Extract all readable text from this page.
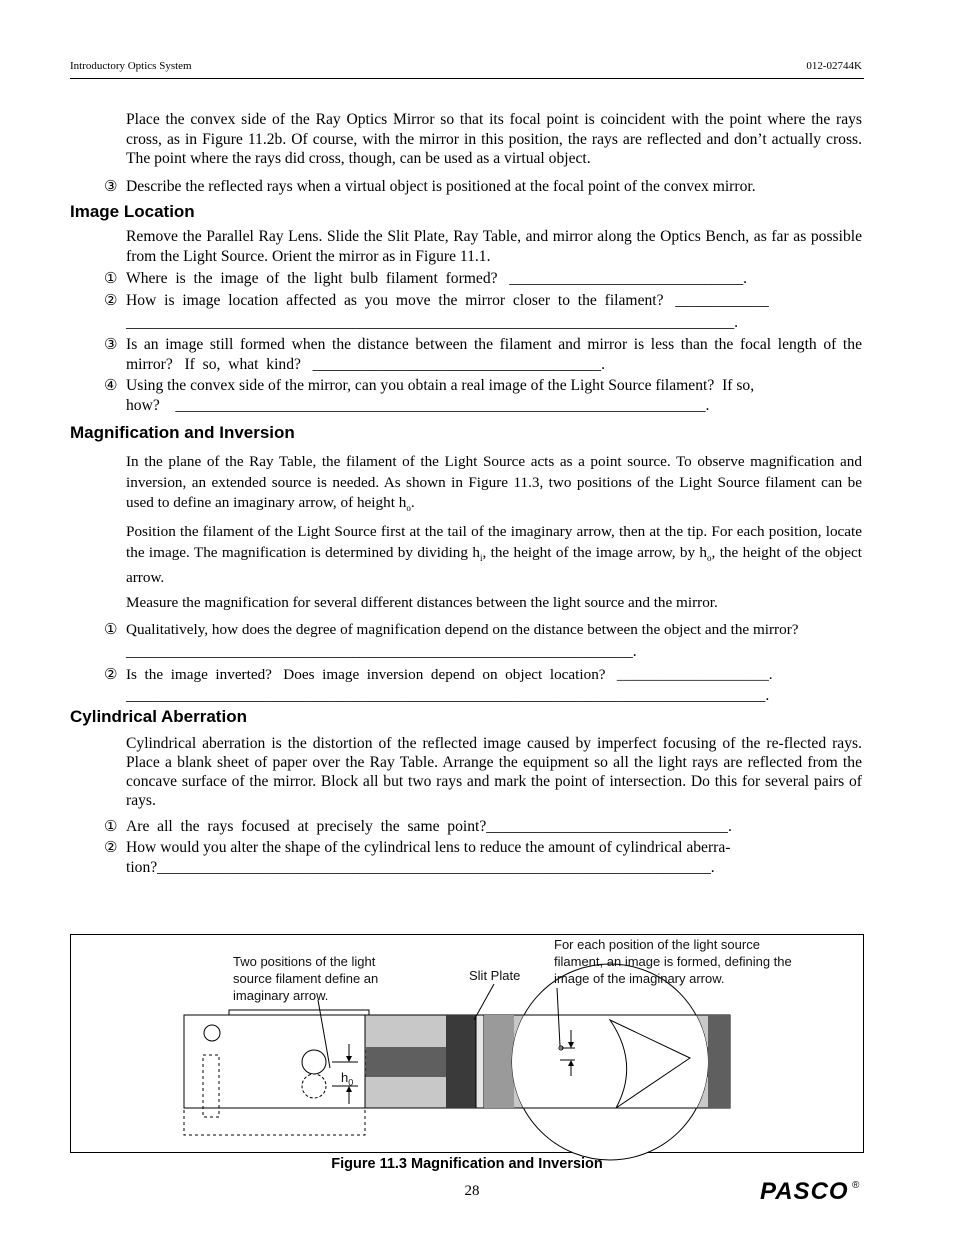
Introductory Optics System	012-02744K
Place the convex side of the Ray Optics Mirror so that its focal point is coincident with the point where the rays cross, as in Figure 11.2b. Of course, with the mirror in this position, the rays are reflected and don’t actually cross. The point where the rays did cross, though, can be used as a virtual object.
③ Describe the reflected rays when a virtual object is positioned at the focal point of the convex mirror.
Image Location
Remove the Parallel Ray Lens. Slide the Slit Plate, Ray Table, and mirror along the Optics Bench, as far as possible from the Light Source. Orient the mirror as in Figure 11.1.
① Where  is  the  image  of  the  light  bulb  filament  formed?   ______________________________.
② How  is  image  location  affected  as  you  move  the  mirror  closer  to  the  filament?   ____________
______________________________________________________________________________.
③ Is an image still formed when the distance between the filament and mirror is less than the focal length of the  mirror?   If  so,  what  kind?   _____________________________________.
④ Using the convex side of the mirror, can you obtain a real image of the Light Source filament?  If so,
how?    ____________________________________________________________________.
Magnification and Inversion
In the plane of the Ray Table, the filament of the Light Source acts as a point source. To observe magnification and inversion, an extended source is needed. As shown in Figure 11.3, two positions of the Light Source filament can be used to define an imaginary arrow, of height $h_o$.
Position the filament of the Light Source first at the tail of the imaginary arrow, then at the tip. For each position, locate the image. The magnification is determined by dividing $h_i$, the height of the image arrow, by $h_o$, the height of the object arrow.
Measure the magnification for several different distances between the light source and the mirror.
① Qualitatively, how does the degree of magnification depend on the distance between the object and the mirror?
_________________________________________________________________.
② Is  the  image  inverted?   Does  image  inversion  depend  on  object  location?   ____________________.
__________________________________________________________________________________.
Cylindrical Aberration
Cylindrical aberration is the distortion of the reflected image caused by imperfect focusing of the re-flected rays. Place a blank sheet of paper over the Ray Table. Arrange the equipment so all the light rays are reflected from the concave surface of the mirror. Block all but two rays and mark the point of intersection. Do this for several pairs of rays.
① Are  all  the  rays  focused  at  precisely  the  same  point?_______________________________.
② How would you alter the shape of the cylindrical lens to reduce the amount of cylindrical aberra-
tion?_______________________________________________________________________.
Two positions of the light source filament define an imaginary arrow.
Slit Plate
For each position of the light source filament, an image is formed, defining the image of the imaginary arrow.
$h_0$
Figure 11.3 Magnification and Inversion
28	PASCO ®
